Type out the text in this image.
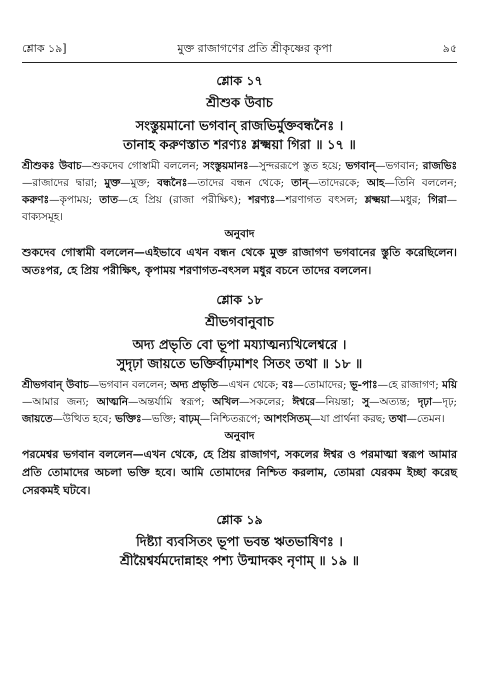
শ্লোক ১৯]	মুক্ত রাজাগণের প্রতি শ্রীকৃষ্ণের কৃপা	৯৫
শ্লোক ১৭
শ্রীশুক উবাচ
সংস্তুয়মানো ভগবান্ রাজভির্মুক্তবন্ধনৈঃ ।
তানাহ করুণস্তাত শরণ্যঃ শ্লক্ষ্ময়া গিরা ॥ ১৭ ॥
শ্রীশুকঃ উবাচ—শুকদেব গোস্বামী বললেন; সংস্তুয়মানঃ—সুন্দররূপে স্তুত হয়ে; ভগবান্—ভগবান; রাজভিঃ—রাজাদের দ্বারা; মুক্ত—মুক্ত; বন্ধনৈঃ—তাদের বন্ধন থেকে; তান্—তাদেরকে; আহ—তিনি বললেন; করুণঃ—কৃপাময়; তাত—হে প্রিয় (রাজা পরীক্ষিৎ); শরণ্যঃ—শরণাগত বৎসল; শ্লক্ষ্ময়া—মধুর; গিরা—বাক্যসমূহ।
অনুবাদ
শুকদেব গোস্বামী বললেন—এইভাবে এখন বন্ধন থেকে মুক্ত রাজাগণ ভগবানের স্তুতি করেছিলেন। অতঃপর, হে প্রিয় পরীক্ষিৎ, কৃপাময় শরণাগত-বৎসল মধুর বচনে তাদের বললেন।
শ্লোক ১৮
শ্রীভগবানুবাচ
অদ্য প্রভৃতি বো ভূপা ময্যাত্মন্যখিলেশ্বরে ।
সুদৃঢ়া জায়তে ভক্তির্বাঢ়মাশং সিতং তথা ॥ ১৮ ॥
শ্রীভগবান্ উবাচ—ভগবান বললেন; অদ্য প্রভৃতি—এখন থেকে; বঃ—তোমাদের; ভূ-পাঃ—হে রাজাগণ; ময়ি—আমার জন্য; আত্মনি—অন্তর্যামি স্বরূপ; অখিল—সকলের; ঈশ্বরে—নিয়ন্তা; সু—অত্যন্ত; দৃঢ়া—দৃঢ়; জায়তে—উত্থিত হবে; ভক্তিঃ—ভক্তি; বাঢ়ম্—নিশ্চিতরূপে; আশংসিতম্—যা প্রার্থনা করছ; তথা—তেমন।
অনুবাদ
পরমেশ্বর ভগবান বললেন—এখন থেকে, হে প্রিয় রাজাগণ, সকলের ঈশ্বর ও পরমাত্মা স্বরূপ আমার প্রতি তোমাদের অচলা ভক্তি হবে। আমি তোমাদের নিশ্চিত করলাম, তোমরা যেরকম ইচ্ছা করেছ সেরকমই ঘটবে।
শ্লোক ১৯
দিষ্ট্যা ব্যবসিতং ভূপা ভবন্ত ঋতভাষিণঃ ।
শ্রীয়ৈশ্বর্যমদোন্নাহং পশ্য উন্মাদকং নৃণাম্ ॥ ১৯ ॥
